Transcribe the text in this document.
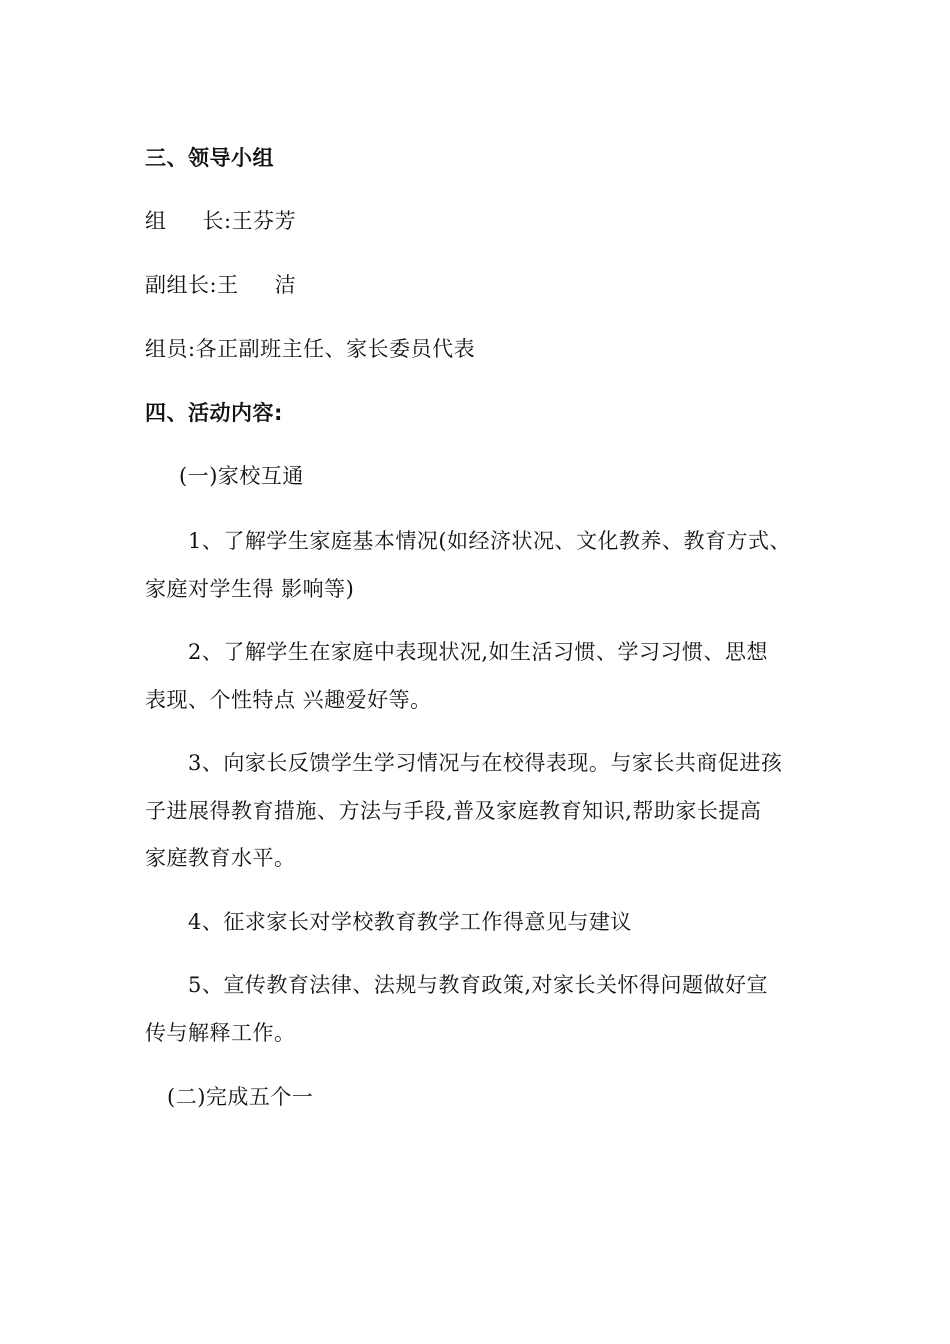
三、领导小组
组 长:王芬芳
副组长:王 洁
组员:各正副班主任、家长委员代表
四、活动内容:
(一)家校互通
1、了解学生家庭基本情况(如经济状况、文化教养、教育方式、
家庭对学生得 影响等)
2、了解学生在家庭中表现状况,如生活习惯、学习习惯、思想
表现、个性特点 兴趣爱好等。
3、向家长反馈学生学习情况与在校得表现。与家长共商促进孩
子进展得教育措施、方法与手段,普及家庭教育知识,帮助家长提高
家庭教育水平。
4、征求家长对学校教育教学工作得意见与建议
5、宣传教育法律、法规与教育政策,对家长关怀得问题做好宣
传与解释工作。
(二)完成五个一
